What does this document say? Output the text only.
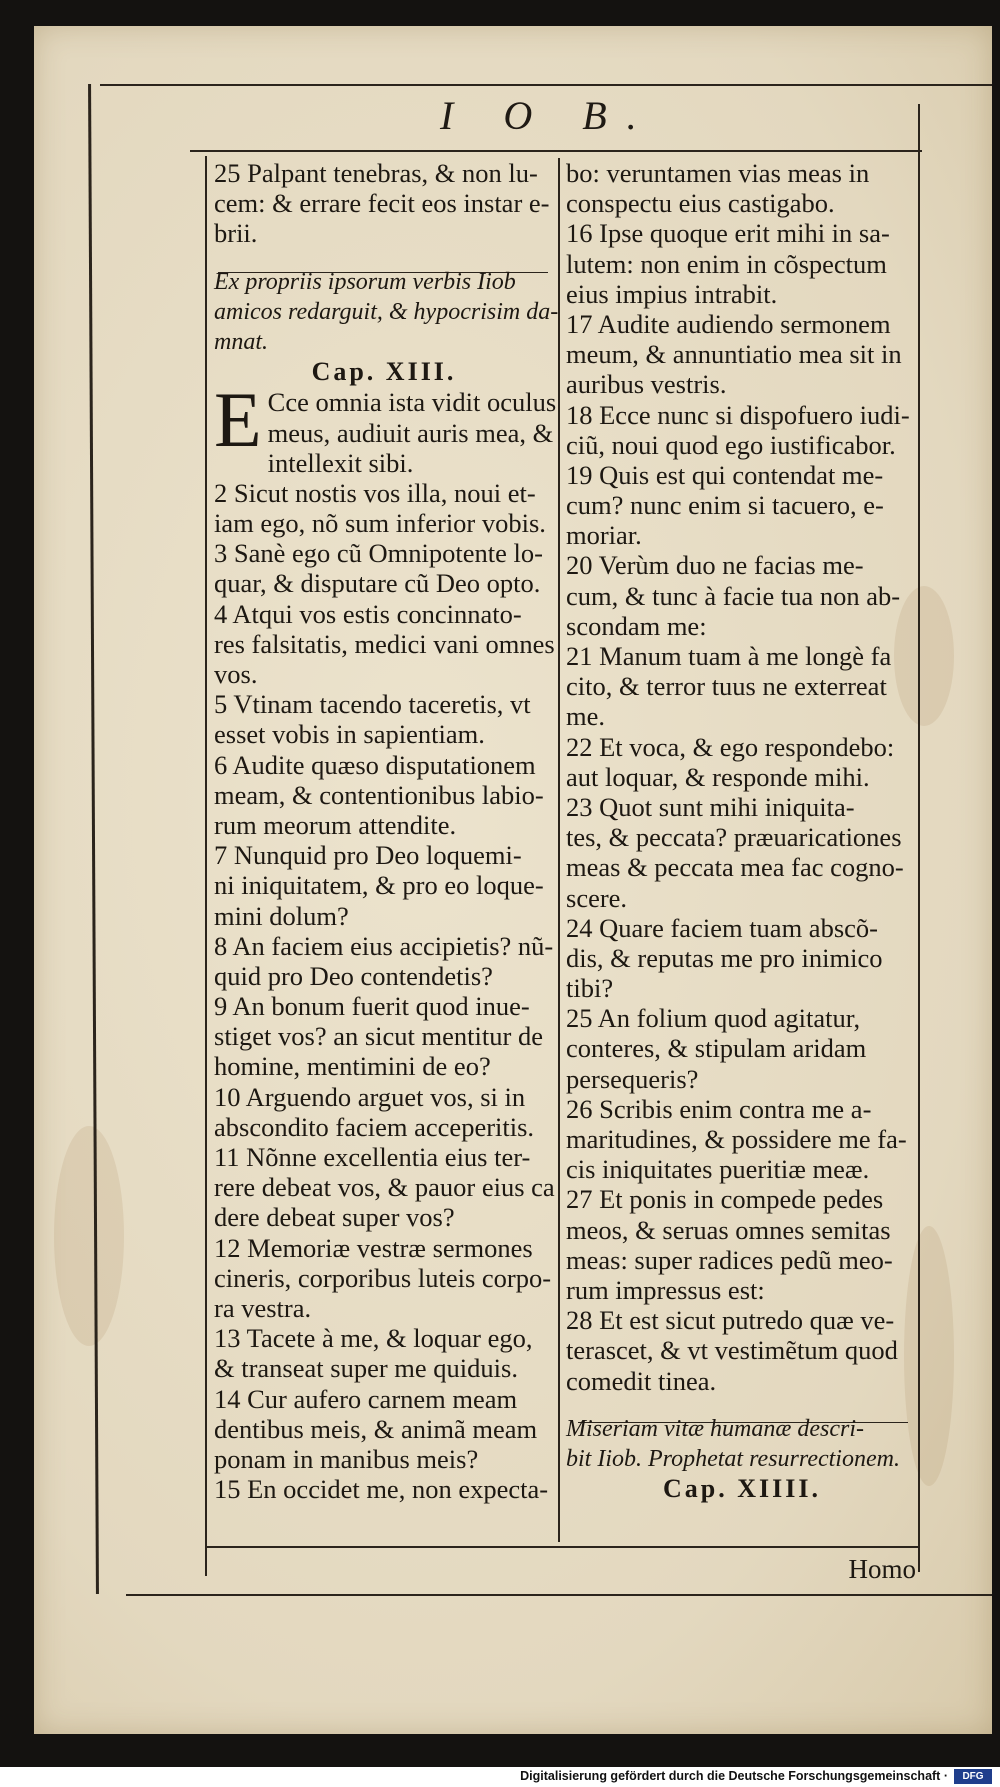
I O B.
25 Palpant tenebras, & non lu-
cem: & errare fecit eos instar e-
brii.
Ex propriis ipsorum verbis Iiob
amicos redarguit, & hypocrisim da-
mnat.
Cap. XIII.
E Cce omnia ista vidit oculus
meus, audiuit auris mea, &
intellexit sibi.
2 Sicut nostis vos illa, noui et-
iam ego, nõ sum inferior vobis.
3 Sanè ego cũ Omnipotente lo-
quar, & disputare cũ Deo opto.
4 Atqui vos estis concinnato-
res falsitatis, medici vani omnes
vos.
5 Vtinam tacendo taceretis, vt
esset vobis in sapientiam.
6 Audite quæso disputationem
meam, & contentionibus labio-
rum meorum attendite.
7 Nunquid pro Deo loquemi-
ni iniquitatem, & pro eo loque-
mini dolum?
8 An faciem eius accipietis? nũ-
quid pro Deo contendetis?
9 An bonum fuerit quod inue-
stiget vos? an sicut mentitur de
homine, mentimini de eo?
10 Arguendo arguet vos, si in
abscondito faciem acceperitis.
11 Nõnne excellentia eius ter-
rere debeat vos, & pauor eius ca
dere debeat super vos?
12 Memoriæ vestræ sermones
cineris, corporibus luteis corpo-
ra vestra.
13 Tacete à me, & loquar ego,
& transeat super me quiduis.
14 Cur aufero carnem meam
dentibus meis, & animã meam
ponam in manibus meis?
15 En occidet me, non expecta-
bo: veruntamen vias meas in
conspectu eius castigabo.
16 Ipse quoque erit mihi in sa-
lutem: non enim in cõspectum
eius impius intrabit.
17 Audite audiendo sermonem
meum, & annuntiatio mea sit in
auribus vestris.
18 Ecce nunc si dispofuero iudi-
ciũ, noui quod ego iustificabor.
19 Quis est qui contendat me-
cum? nunc enim si tacuero, e-
moriar.
20 Verùm duo ne facias me-
cum, & tunc à facie tua non ab-
scondam me:
21 Manum tuam à me longè fa
cito, & terror tuus ne exterreat
me.
22 Et voca, & ego respondebo:
aut loquar, & responde mihi.
23 Quot sunt mihi iniquita-
tes, & peccata? præuaricationes
meas & peccata mea fac cogno-
scere.
24 Quare faciem tuam abscõ-
dis, & reputas me pro inimico
tibi?
25 An folium quod agitatur,
conteres, & stipulam aridam
persequeris?
26 Scribis enim contra me a-
maritudines, & possidere me fa-
cis iniquitates pueritiæ meæ.
27 Et ponis in compede pedes
meos, & seruas omnes semitas
meas: super radices pedũ meo-
rum impressus est:
28 Et est sicut putredo quæ ve-
terascet, & vt vestimẽtum quod
comedit tinea.
Miseriam vitæ humanæ descri-
bit Iiob. Prophetat resurrectionem.
Cap. XIIII.
Homo
Digitalisierung gefördert durch die Deutsche Forschungsgemeinschaft ·	DFG
